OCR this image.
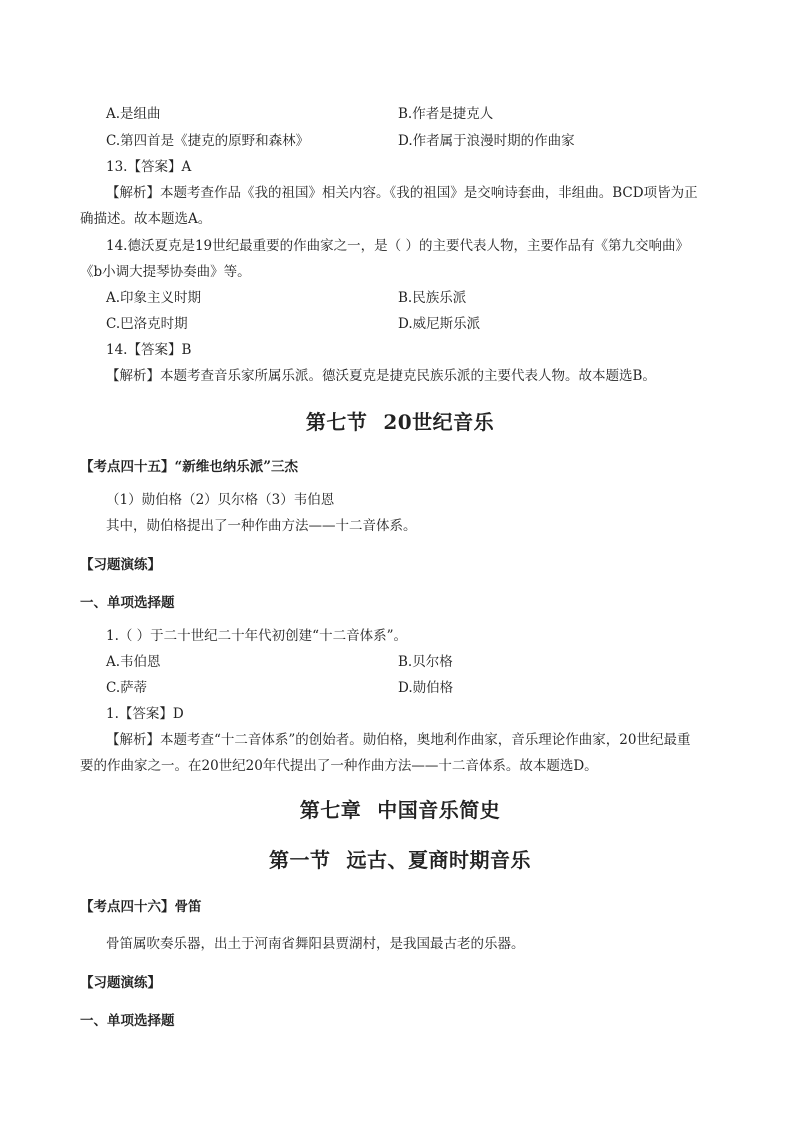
A.是组曲	B.作者是捷克人
C.第四首是《捷克的原野和森林》	D.作者属于浪漫时期的作曲家
13.【答案】A
【解析】本题考查作品《我的祖国》相关内容。《我的祖国》是交响诗套曲，非组曲。BCD项皆为正
确描述。故本题选A。
14.德沃夏克是19世纪最重要的作曲家之一，是（ ）的主要代表人物，主要作品有《第九交响曲》
《b小调大提琴协奏曲》等。
A.印象主义时期	B.民族乐派
C.巴洛克时期	D.威尼斯乐派
14.【答案】B
【解析】本题考查音乐家所属乐派。德沃夏克是捷克民族乐派的主要代表人物。故本题选B。
第七节 20世纪音乐
【考点四十五】“新维也纳乐派”三杰
（1）勋伯格（2）贝尔格（3）韦伯恩
其中，勋伯格提出了一种作曲方法——十二音体系。
【习题演练】
一、单项选择题
1.（ ）于二十世纪二十年代初创建“十二音体系”。
A.韦伯恩	B.贝尔格
C.萨蒂	D.勋伯格
1.【答案】D
【解析】本题考查“十二音体系”的创始者。勋伯格，奥地利作曲家，音乐理论作曲家，20世纪最重
要的作曲家之一。在20世纪20年代提出了一种作曲方法——十二音体系。故本题选D。
第七章 中国音乐简史
第一节 远古、夏商时期音乐
【考点四十六】骨笛
骨笛属吹奏乐器，出土于河南省舞阳县贾湖村，是我国最古老的乐器。
【习题演练】
一、单项选择题
